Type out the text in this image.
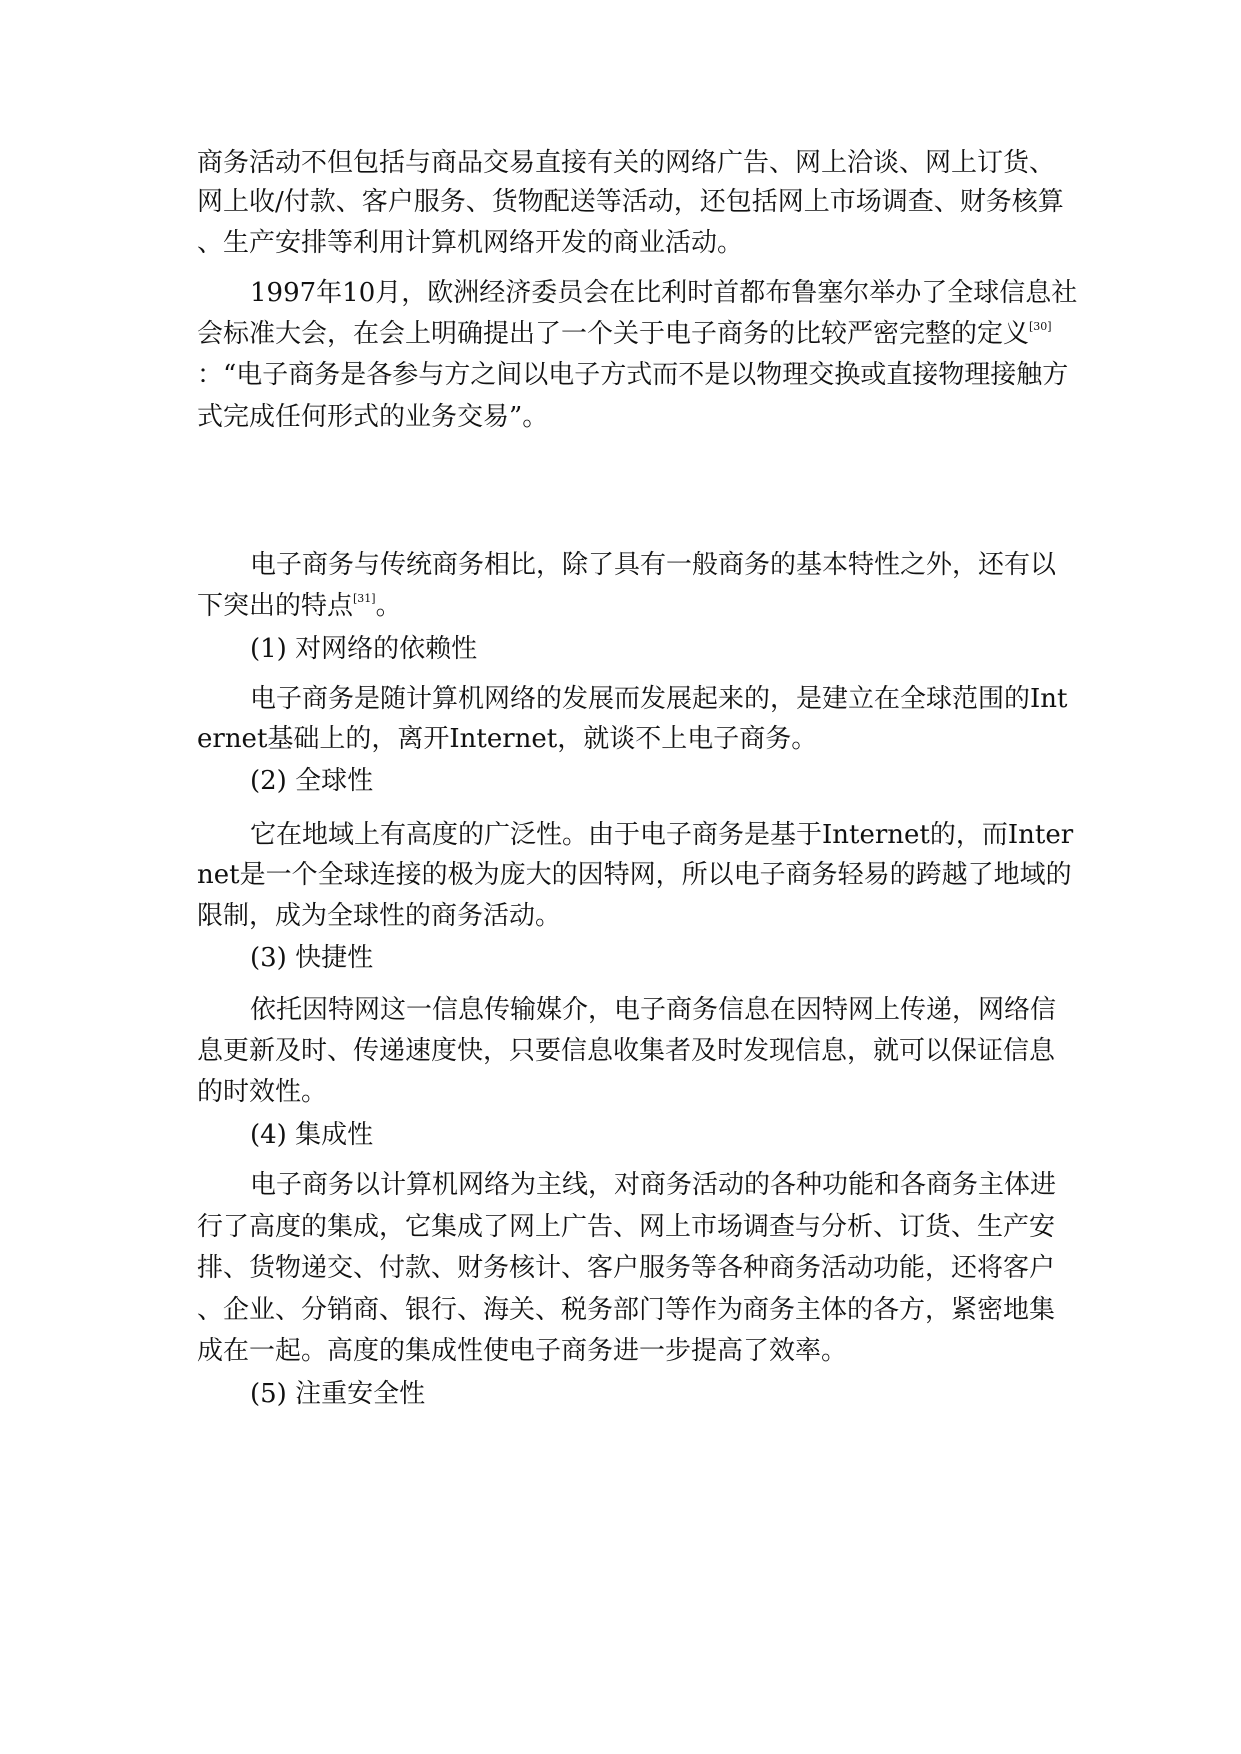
商务活动不但包括与商品交易直接有关的网络广告、网上洽谈、网上订货、
网上收/付款、客户服务、货物配送等活动，还包括网上市场调查、财务核算
、生产安排等利用计算机网络开发的商业活动。
1997年10月，欧洲经济委员会在比利时首都布鲁塞尔举办了全球信息社
会标准大会，在会上明确提出了一个关于电子商务的比较严密完整的定义[30]
：“电子商务是各参与方之间以电子方式而不是以物理交换或直接物理接触方
式完成任何形式的业务交易”。
电子商务与传统商务相比，除了具有一般商务的基本特性之外，还有以
下突出的特点[31]。
(1) 对网络的依赖性
电子商务是随计算机网络的发展而发展起来的，是建立在全球范围的Int
ernet基础上的，离开Internet，就谈不上电子商务。
(2) 全球性
它在地域上有高度的广泛性。由于电子商务是基于Internet的，而Inter
net是一个全球连接的极为庞大的因特网，所以电子商务轻易的跨越了地域的
限制，成为全球性的商务活动。
(3) 快捷性
依托因特网这一信息传输媒介，电子商务信息在因特网上传递，网络信
息更新及时、传递速度快，只要信息收集者及时发现信息，就可以保证信息
的时效性。
(4) 集成性
电子商务以计算机网络为主线，对商务活动的各种功能和各商务主体进
行了高度的集成，它集成了网上广告、网上市场调查与分析、订货、生产安
排、货物递交、付款、财务核计、客户服务等各种商务活动功能，还将客户
、企业、分销商、银行、海关、税务部门等作为商务主体的各方，紧密地集
成在一起。高度的集成性使电子商务进一步提高了效率。
(5) 注重安全性
